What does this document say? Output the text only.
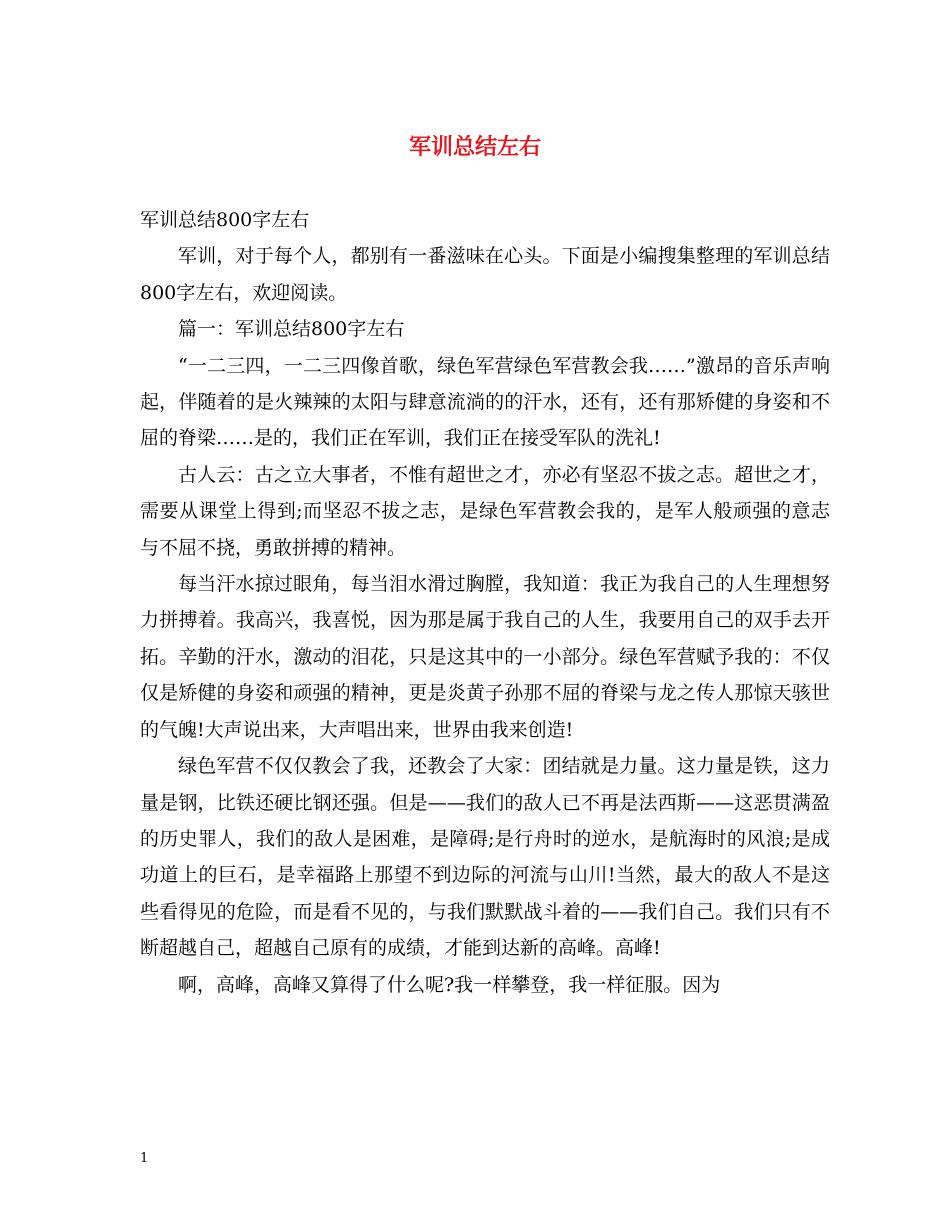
军训总结左右

军训总结800字左右

军训，对于每个人，都别有一番滋味在心头。下面是小编搜集整理的军训总结800字左右，欢迎阅读。

篇一：军训总结800字左右

“一二三四，一二三四像首歌，绿色军营绿色军营教会我……”激昂的音乐声响起，伴随着的是火辣辣的太阳与肆意流淌的的汗水，还有，还有那矫健的身姿和不屈的脊梁……是的，我们正在军训，我们正在接受军队的洗礼!

古人云：古之立大事者，不惟有超世之才，亦必有坚忍不拔之志。超世之才，需要从课堂上得到;而坚忍不拔之志，是绿色军营教会我的，是军人般顽强的意志与不屈不挠，勇敢拼搏的精神。

每当汗水掠过眼角，每当泪水滑过胸膛，我知道：我正为我自己的人生理想努力拼搏着。我高兴，我喜悦，因为那是属于我自己的人生，我要用自己的双手去开拓。辛勤的汗水，激动的泪花，只是这其中的一小部分。绿色军营赋予我的：不仅仅是矫健的身姿和顽强的精神，更是炎黄子孙那不屈的脊梁与龙之传人那惊天骇世的气魄!大声说出来，大声唱出来，世界由我来创造!

绿色军营不仅仅教会了我，还教会了大家：团结就是力量。这力量是铁，这力量是钢，比铁还硬比钢还强。但是——我们的敌人已不再是法西斯——这恶贯满盈的历史罪人，我们的敌人是困难，是障碍;是行舟时的逆水，是航海时的风浪;是成功道上的巨石，是幸福路上那望不到边际的河流与山川!当然，最大的敌人不是这些看得见的危险，而是看不见的，与我们默默战斗着的——我们自己。我们只有不断超越自己，超越自己原有的成绩，才能到达新的高峰。高峰!

啊，高峰，高峰又算得了什么呢?我一样攀登，我一样征服。因为

1
